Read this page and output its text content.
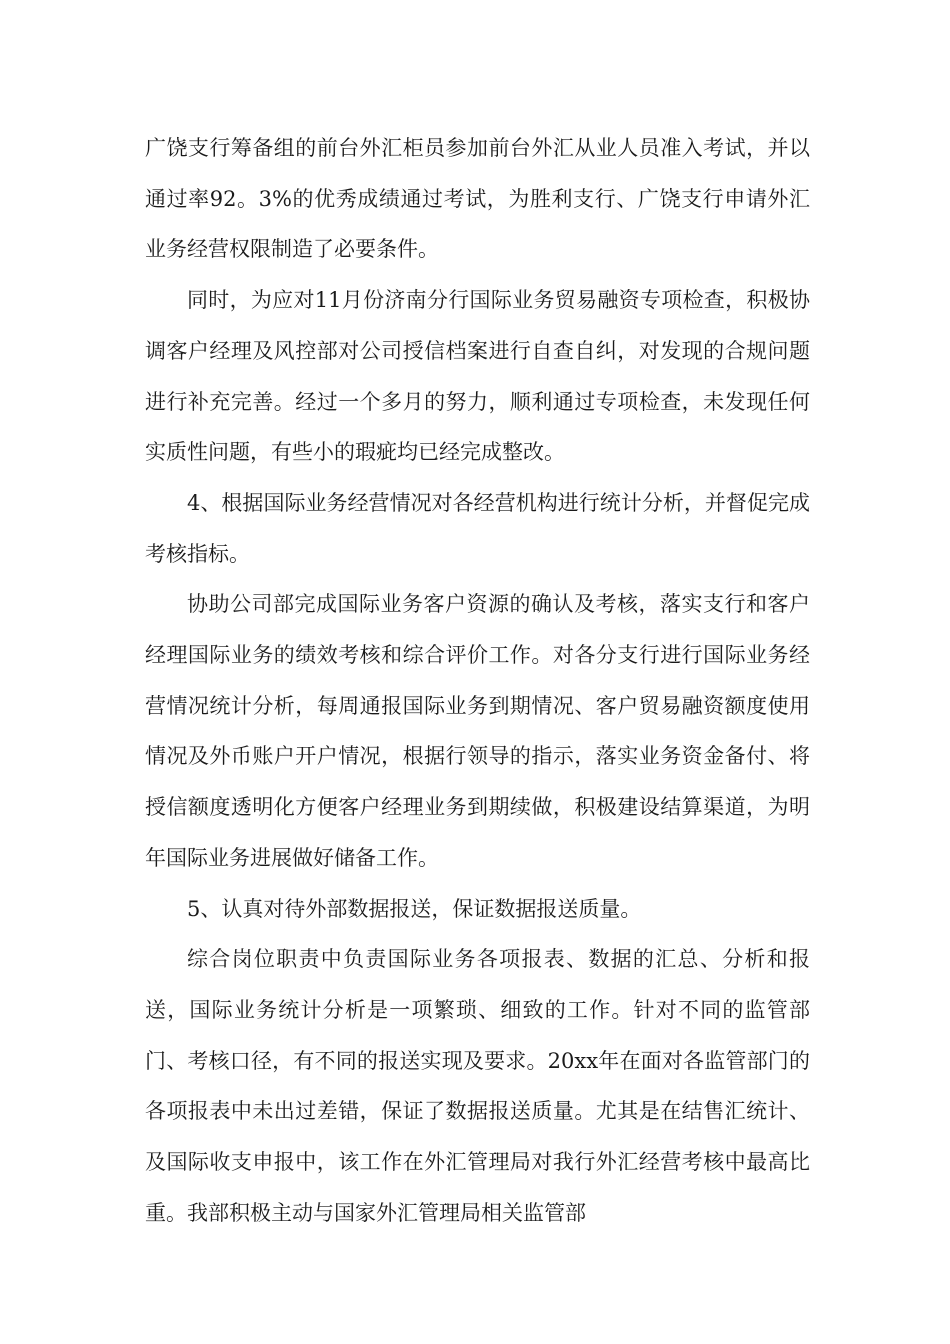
广饶支行筹备组的前台外汇柜员参加前台外汇从业人员准入考试，并以通过率92。3%的优秀成绩通过考试，为胜利支行、广饶支行申请外汇业务经营权限制造了必要条件。

同时，为应对11月份济南分行国际业务贸易融资专项检查，积极协调客户经理及风控部对公司授信档案进行自查自纠，对发现的合规问题进行补充完善。经过一个多月的努力，顺利通过专项检查，未发现任何实质性问题，有些小的瑕疵均已经完成整改。

4、根据国际业务经营情况对各经营机构进行统计分析，并督促完成考核指标。

协助公司部完成国际业务客户资源的确认及考核，落实支行和客户经理国际业务的绩效考核和综合评价工作。对各分支行进行国际业务经营情况统计分析，每周通报国际业务到期情况、客户贸易融资额度使用情况及外币账户开户情况，根据行领导的指示，落实业务资金备付、将授信额度透明化方便客户经理业务到期续做，积极建设结算渠道，为明年国际业务进展做好储备工作。

5、认真对待外部数据报送，保证数据报送质量。

综合岗位职责中负责国际业务各项报表、数据的汇总、分析和报送，国际业务统计分析是一项繁琐、细致的工作。针对不同的监管部门、考核口径，有不同的报送实现及要求。20xx年在面对各监管部门的各项报表中未出过差错，保证了数据报送质量。尤其是在结售汇统计、及国际收支申报中，该工作在外汇管理局对我行外汇经营考核中最高比重。我部积极主动与国家外汇管理局相关监管部
